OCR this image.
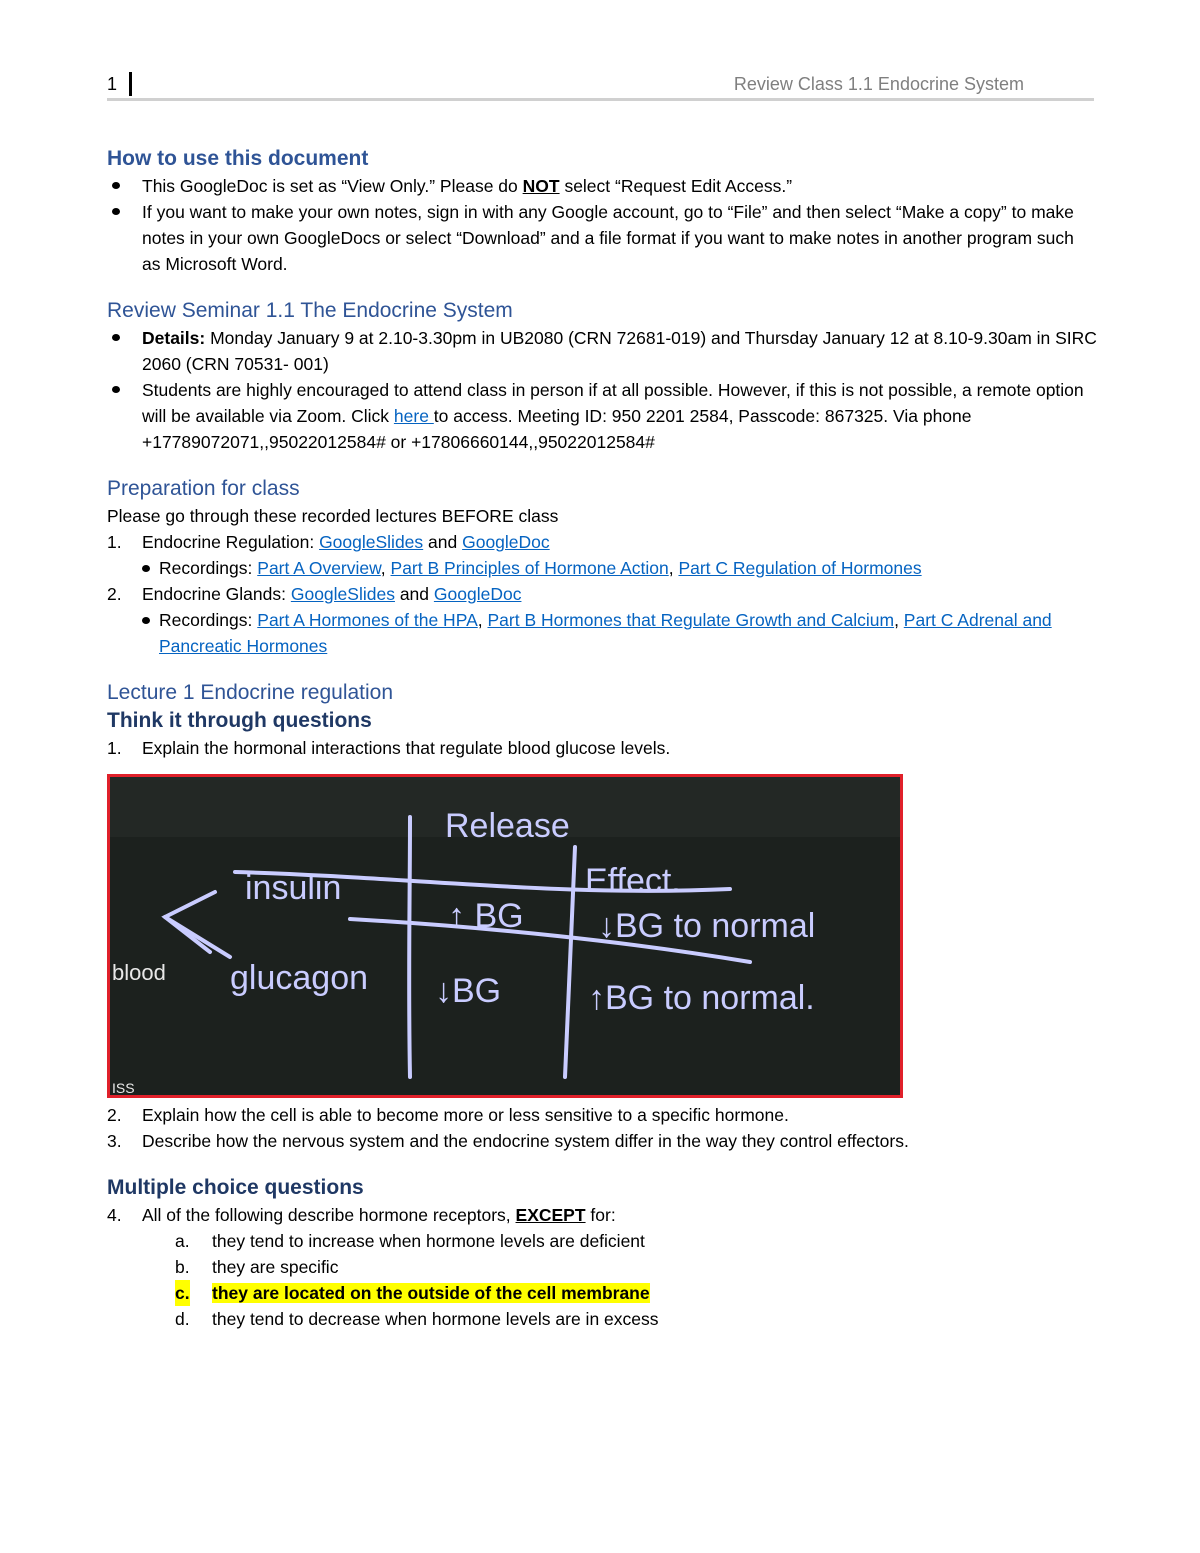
1	Review Class 1.1 Endocrine System
How to use this document
This GoogleDoc is set as “View Only.” Please do NOT select “Request Edit Access.”
If you want to make your own notes, sign in with any Google account, go to “File” and then select “Make a copy” to make notes in your own GoogleDocs or select “Download” and a file format if you want to make notes in another program such as Microsoft Word.
Review Seminar 1.1 The Endocrine System
Details: Monday January 9 at 2.10-3.30pm in UB2080 (CRN 72681-019) and Thursday January 12 at 8.10-9.30am in SIRC 2060 (CRN 70531- 001)
Students are highly encouraged to attend class in person if at all possible. However, if this is not possible, a remote option will be available via Zoom. Click here to access. Meeting ID: 950 2201 2584, Passcode: 867325. Via phone +17789072071,,95022012584# or +17806660144,,95022012584#
Preparation for class
Please go through these recorded lectures BEFORE class
1. Endocrine Regulation: GoogleSlides and GoogleDoc
Recordings: Part A Overview, Part B Principles of Hormone Action, Part C Regulation of Hormones
2. Endocrine Glands: GoogleSlides and GoogleDoc
Recordings: Part A Hormones of the HPA, Part B Hormones that Regulate Growth and Calcium, Part C Adrenal and Pancreatic Hormones
Lecture 1 Endocrine regulation
Think it through questions
1. Explain the hormonal interactions that regulate blood glucose levels.
Release
Effect.
insulin
glucagon
↑ BG
↓BG
↓BG to normal
↑BG to normal.
blood
ISS
2. Explain how the cell is able to become more or less sensitive to a specific hormone.
3. Describe how the nervous system and the endocrine system differ in the way they control effectors.
Multiple choice questions
4. All of the following describe hormone receptors, EXCEPT for:
a. they tend to increase when hormone levels are deficient
b. they are specific
c. they are located on the outside of the cell membrane
d. they tend to decrease when hormone levels are in excess
